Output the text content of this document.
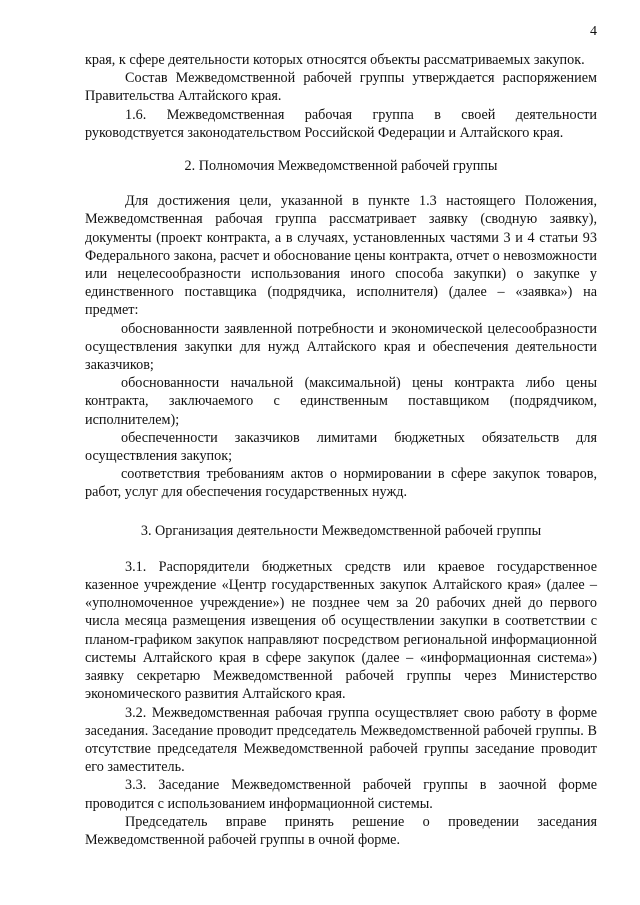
4

края, к сфере деятельности которых относятся объекты рассматриваемых закупок.

Состав Межведомственной рабочей группы утверждается распоряжением Правительства Алтайского края.

1.6. Межведомственная рабочая группа в своей деятельности руководствуется законодательством Российской Федерации и Алтайского края.

2. Полномочия Межведомственной рабочей группы

Для достижения цели, указанной в пункте 1.3 настоящего Положения, Межведомственная рабочая группа рассматривает заявку (сводную заявку), документы (проект контракта, а в случаях, установленных частями 3 и 4 статьи 93 Федерального закона, расчет и обоснование цены контракта, отчет о невозможности или нецелесообразности использования иного способа закупки) о закупке у единственного поставщика (подрядчика, исполнителя) (далее – «заявка») на предмет:

обоснованности заявленной потребности и экономической целесообразности осуществления закупки для нужд Алтайского края и обеспечения деятельности заказчиков;

обоснованности начальной (максимальной) цены контракта либо цены контракта, заключаемого с единственным поставщиком (подрядчиком, исполнителем);

обеспеченности заказчиков лимитами бюджетных обязательств для осуществления закупок;

соответствия требованиям актов о нормировании в сфере закупок товаров, работ, услуг для обеспечения государственных нужд.

3. Организация деятельности Межведомственной рабочей группы

3.1. Распорядители бюджетных средств или краевое государственное казенное учреждение «Центр государственных закупок Алтайского края» (далее – «уполномоченное учреждение») не позднее чем за 20 рабочих дней до первого числа месяца размещения извещения об осуществлении закупки в соответствии с планом-графиком закупок направляют посредством региональной информационной системы Алтайского края в сфере закупок (далее – «информационная система») заявку секретарю Межведомственной рабочей группы через Министерство экономического развития Алтайского края.

3.2. Межведомственная рабочая группа осуществляет свою работу в форме заседания. Заседание проводит председатель Межведомственной рабочей группы. В отсутствие председателя Межведомственной рабочей группы заседание проводит его заместитель.

3.3. Заседание Межведомственной рабочей группы в заочной форме проводится с использованием информационной системы.

Председатель вправе принять решение о проведении заседания Межведомственной рабочей группы в очной форме.
